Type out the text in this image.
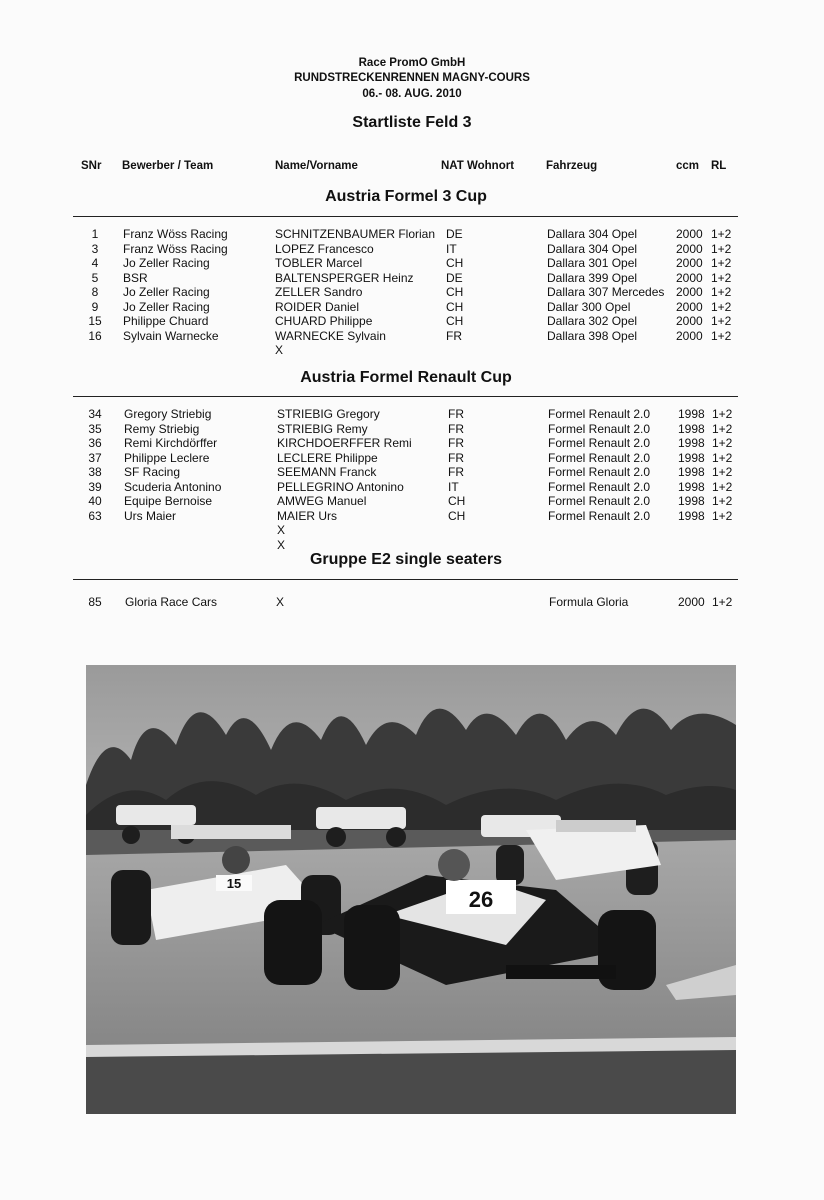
Race PromO GmbH
RUNDSTRECKENRENNEN MAGNY-COURS
06.- 08. AUG. 2010
Startliste Feld 3
SNr Bewerber / Team	Name/Vorname	NAT Wohnort	Fahrzeug	ccm RL
Austria Formel 3 Cup
1	Franz Wöss Racing	SCHNITZENBAUMER Florian DE	Dallara 304 Opel	2000 1+2
3	Franz Wöss Racing	LOPEZ Francesco	IT	Dallara 304 Opel	2000 1+2
4	Jo Zeller Racing	TOBLER Marcel	CH	Dallara 301 Opel	2000 1+2
5	BSR	BALTENSPERGER Heinz	DE	Dallara 399 Opel	2000 1+2
8	Jo Zeller Racing	ZELLER Sandro	CH	Dallara 307 Mercedes 2000 1+2
9	Jo Zeller Racing	ROIDER Daniel	CH	Dallar 300 Opel	2000 1+2
15	Philippe Chuard	CHUARD Philippe	CH	Dallara 302 Opel	2000 1+2
16	Sylvain Warnecke	WARNECKE Sylvain	FR	Dallara 398 Opel	2000 1+2
X
Austria Formel Renault Cup
34	Gregory Striebig	STRIEBIG Gregory	FR	Formel Renault 2.0 1998 1+2
35	Remy Striebig	STRIEBIG Remy	FR	Formel Renault 2.0 1998 1+2
36	Remi Kirchdörffer	KIRCHDOERFFER Remi	FR	Formel Renault 2.0 1998 1+2
37	Philippe Leclere	LECLERE Philippe	FR	Formel Renault 2.0 1998 1+2
38	SF Racing	SEEMANN Franck	FR	Formel Renault 2.0 1998 1+2
39	Scuderia Antonino	PELLEGRINO Antonino	IT	Formel Renault 2.0 1998 1+2
40	Equipe Bernoise	AMWEG Manuel	CH	Formel Renault 2.0 1998 1+2
63	Urs Maier	MAIER Urs	CH	Formel Renault 2.0 1998 1+2
X
X
Gruppe E2 single seaters
85	Gloria Race Cars	X	Formula Gloria	2000 1+2
15
26
